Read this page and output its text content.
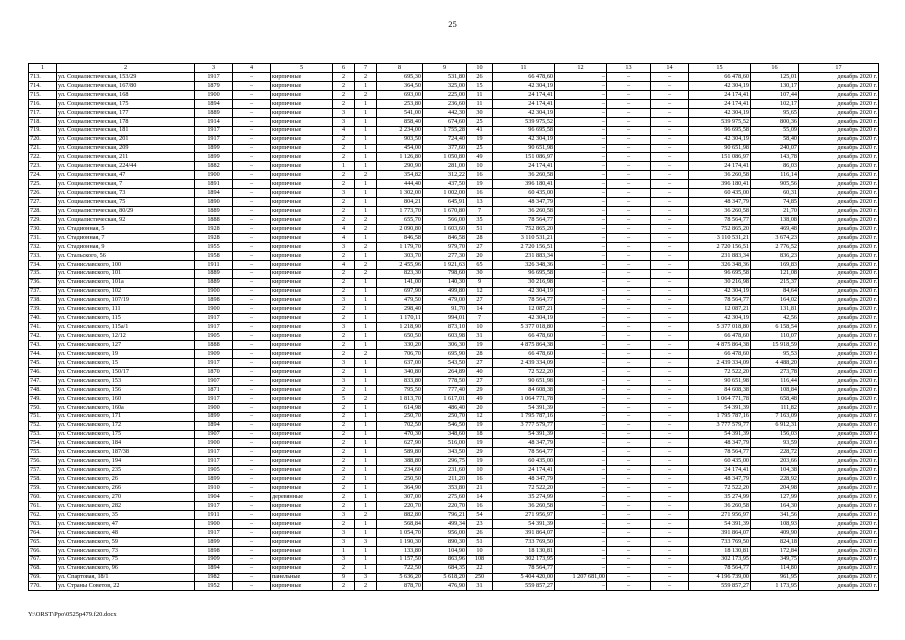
25
1	2	3	4	5	6	7	8	9	10	11	12	13	14	15	16	17
713.	ул. Социалистическая, 153/29	1917	–	кирпичные	2	2	695,30	531,80	26	66 478,60	–	–	–	66 478,60	125,01	декабрь 2020 г.
714.	ул. Социалистическая, 167/80	1879	–	кирпичные	2	1	364,50	325,00	15	42 304,19	–	–	–	42 304,19	130,17	декабрь 2020 г.
715.	ул. Социалистическая, 168	1900	–	кирпичные	2	2	693,00	225,00	11	24 174,41	–	–	–	24 174,41	107,44	декабрь 2020 г.
716.	ул. Социалистическая, 175	1894	–	кирпичные	2	1	253,80	236,60	11	24 174,41	–	–	–	24 174,41	102,17	декабрь 2020 г.
717.	ул. Социалистическая, 177	1889	–	кирпичные	3	1	541,00	442,30	30	42 304,19	–	–	–	42 304,19	95,65	декабрь 2020 г.
718.	ул. Социалистическая, 178	1914	–	кирпичные	3	1	858,40	674,60	25	539 975,52	–	–	–	539 975,52	800,36	декабрь 2020 г.
719.	ул. Социалистическая, 181	1917	–	кирпичные	4	1	2 234,00	1 755,28	41	96 695,58	–	–	–	96 695,58	55,09	декабрь 2020 г.
720.	ул. Социалистическая, 201	1917	–	кирпичные	2	1	903,50	724,40	19	42 304,19	–	–	–	42 304,19	58,40	декабрь 2020 г.
721.	ул. Социалистическая, 209	1899	–	кирпичные	2	1	454,00	377,60	25	90 651,98	–	–	–	90 651,98	240,07	декабрь 2020 г.
722.	ул. Социалистическая, 211	1899	–	кирпичные	2	1	1 126,80	1 050,80	49	151 086,97	–	–	–	151 086,97	143,78	декабрь 2020 г.
723.	ул. Социалистическая, 224/44	1882	–	кирпичные	1	1	290,90	281,00	10	24 174,41	–	–	–	24 174,41	86,03	декабрь 2020 г.
724.	ул. Социалистическая, 47	1900	–	кирпичные	2	2	354,82	312,22	16	36 260,58	–	–	–	36 260,58	116,14	декабрь 2020 г.
725.	ул. Социалистическая, 7	1891	–	кирпичные	2	1	444,40	437,50	19	396 180,41	–	–	–	396 180,41	905,56	декабрь 2020 г.
726.	ул. Социалистическая, 73	1894	–	кирпичные	3	1	1 302,00	1 002,00	16	60 435,00	–	–	–	60 435,00	60,31	декабрь 2020 г.
727.	ул. Социалистическая, 75	1890	–	кирпичные	2	1	804,21	645,91	13	48 347,79	–	–	–	48 347,79	74,85	декабрь 2020 г.
728.	ул. Социалистическая, 80/29	1889	–	кирпичные	2	1	1 773,70	1 670,80	7	36 260,58	–	–	–	36 260,58	21,70	декабрь 2020 г.
729.	ул. Социалистическая, 92	1888	–	кирпичные	2	2	655,70	566,00	35	78 564,77	–	–	–	78 564,77	138,08	декабрь 2020 г.
730.	ул. Стадионная, 5	1928	–	кирпичные	4	2	2 090,80	1 603,60	51	752 865,20	–	–	–	752 865,20	469,48	декабрь 2020 г.
731.	ул. Стадионная, 7	1928	–	кирпичные	4	1	846,58	846,58	28	3 110 531,21	–	–	–	3 110 531,21	3 674,23	декабрь 2020 г.
732.	ул. Стадионная, 9	1955	–	кирпичные	3	2	1 179,70	979,70	27	2 720 156,51	–	–	–	2 720 156,51	2 776,52	декабрь 2020 г.
733.	ул. Стальского, 56	1958	–	кирпичные	2	1	303,70	277,30	20	231 883,34	–	–	–	231 883,34	836,23	декабрь 2020 г.
734.	ул. Станиславского, 100	1911	–	кирпичные	4	2	2 455,96	1 921,63	65	326 348,36	–	–	–	326 348,36	169,83	декабрь 2020 г.
735.	ул. Станиславского, 101	1889	–	кирпичные	2	2	823,30	798,60	30	96 695,58	–	–	–	96 695,58	121,08	декабрь 2020 г.
736.	ул. Станиславского, 101а	1889	–	кирпичные	2	1	141,00	140,30	9	30 216,98	–	–	–	30 216,98	215,37	декабрь 2020 г.
737.	ул. Станиславского, 102	1900	–	кирпичные	2	1	697,90	499,80	12	42 304,19	–	–	–	42 304,19	84,64	декабрь 2020 г.
738.	ул. Станиславского, 107/19	1898	–	кирпичные	3	1	479,50	479,00	27	78 564,77	–	–	–	78 564,77	164,02	декабрь 2020 г.
739.	ул. Станиславского, 111	1900	–	кирпичные	2	1	298,40	91,70	14	12 087,21	–	–	–	12 087,21	131,81	декабрь 2020 г.
740.	ул. Станиславского, 115	1917	–	кирпичные	2	1	1 170,11	994,01	7	42 304,19	–	–	–	42 304,19	42,56	декабрь 2020 г.
741.	ул. Станиславского, 115а/1	1917	–	кирпичные	3	1	1 218,90	873,10	10	5 377 018,80	–	–	–	5 377 018,80	6 158,54	декабрь 2020 г.
742.	ул. Станиславского, 12/12	1905	–	кирпичные	2	1	650,50	603,98	31	66 478,60	–	–	–	66 478,60	110,07	декабрь 2020 г.
743.	ул. Станиславского, 127	1888	–	кирпичные	2	1	330,20	306,30	19	4 875 864,38	–	–	–	4 875 864,38	15 918,59	декабрь 2020 г.
744.	ул. Станиславского, 19	1909	–	кирпичные	2	2	706,70	695,90	28	66 478,60	–	–	–	66 478,60	95,53	декабрь 2020 г.
745.	ул. Станиславского, 15	1917	–	кирпичные	3	1	637,00	543,50	27	2 439 334,09	–	–	–	2 439 334,09	4 488,20	декабрь 2020 г.
746.	ул. Станиславского, 150/17	1870	–	кирпичные	2	1	340,80	264,89	40	72 522,20	–	–	–	72 522,20	273,78	декабрь 2020 г.
747.	ул. Станиславского, 153	1907	–	кирпичные	3	1	833,80	778,50	27	90 651,98	–	–	–	90 651,98	116,44	декабрь 2020 г.
748.	ул. Станиславского, 156	1871	–	кирпичные	2	1	795,50	777,40	29	84 608,38	–	–	–	84 608,38	108,84	декабрь 2020 г.
749.	ул. Станиславского, 160	1917	–	кирпичные	5	2	1 813,70	1 617,01	49	1 064 771,78	–	–	–	1 064 771,78	658,48	декабрь 2020 г.
750.	ул. Станиславского, 160а	1900	–	кирпичные	2	1	614,98	486,40	20	54 391,39	–	–	–	54 391,39	111,82	декабрь 2020 г.
751.	ул. Станиславского, 171	1899	–	кирпичные	2	1	250,70	250,70	12	1 795 787,16	–	–	–	1 795 787,16	7 163,09	декабрь 2020 г.
752.	ул. Станиславского, 172	1894	–	кирпичные	2	1	702,50	546,50	19	3 777 579,77	–	–	–	3 777 579,77	6 912,31	декабрь 2020 г.
753.	ул. Станиславского, 175	1907	–	кирпичные	2	1	470,30	348,60	18	54 391,39	–	–	–	54 391,39	156,03	декабрь 2020 г.
754.	ул. Станиславского, 184	1900	–	кирпичные	2	1	627,90	516,00	19	48 347,79	–	–	–	48 347,79	93,59	декабрь 2020 г.
755.	ул. Станиславского, 187/38	1917	–	кирпичные	2	1	589,80	343,50	29	78 564,77	–	–	–	78 564,77	228,72	декабрь 2020 г.
756.	ул. Станиславского, 194	1917	–	кирпичные	2	1	388,80	296,75	19	60 435,00	–	–	–	60 435,00	203,66	декабрь 2020 г.
757.	ул. Станиславского, 235	1905	–	кирпичные	2	1	234,60	231,60	10	24 174,41	–	–	–	24 174,41	104,38	декабрь 2020 г.
758.	ул. Станиславского, 26	1899	–	кирпичные	2	1	250,50	211,20	16	48 347,79	–	–	–	48 347,79	228,92	декабрь 2020 г.
759.	ул. Станиславского, 266	1910	–	кирпичные	2	1	364,90	353,80	21	72 522,20	–	–	–	72 522,20	204,98	декабрь 2020 г.
760.	ул. Станиславского, 270	1904	–	деревянные	2	1	307,00	275,60	14	35 274,99	–	–	–	35 274,99	127,99	декабрь 2020 г.
761.	ул. Станиславского, 282	1917	–	кирпичные	2	1	220,70	220,70	16	36 260,58	–	–	–	36 260,58	164,30	декабрь 2020 г.
762.	ул. Станиславского, 35	1911	–	кирпичные	3	2	882,80	796,21	54	271 956,97	–	–	–	271 956,97	341,56	декабрь 2020 г.
763.	ул. Станиславского, 47	1900	–	кирпичные	2	1	568,84	499,34	23	54 391,39	–	–	–	54 391,39	108,93	декабрь 2020 г.
764.	ул. Станиславского, 48	1917	–	кирпичные	3	1	1 054,70	956,00	26	391 864,07	–	–	–	391 864,07	409,90	декабрь 2020 г.
765.	ул. Станиславского, 59	1899	–	кирпичные	3	3	1 190,30	890,30	51	733 769,50	–	–	–	733 769,50	824,18	декабрь 2020 г.
766.	ул. Станиславского, 73	1898	–	кирпичные	1	1	133,80	104,90	10	18 130,81	–	–	–	18 130,81	172,84	декабрь 2020 г.
767.	ул. Станиславского, 75	1909	–	кирпичные	3	1	1 157,50	863,96	108	302 173,95	–	–	–	302 173,95	349,75	декабрь 2020 г.
768.	ул. Станиславского, 96	1894	–	кирпичные	2	1	722,50	684,35	22	78 564,77	–	–	–	78 564,77	114,80	декабрь 2020 г.
769.	ул. Спартовая, 18/1	1982	–	панельные	9	3	5 636,20	5 618,20	250	5 404 420,00	1 207 681,00	–	–	4 196 739,00	961,95	декабрь 2020 г.
770.	ул. Страны Советов, 22	1952	–	кирпичные	2	2	878,70	476,90	31	559 857,27	–	–	–	559 857,27	1 173,95	декабрь 2020 г.
Y:\ORST\Ppo\0525p479.f20.docx
